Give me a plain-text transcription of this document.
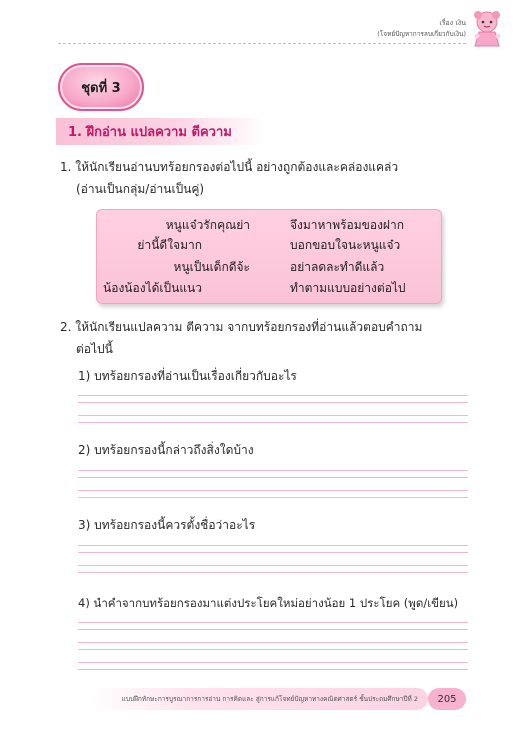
เรื่อง เงิน
(โจทย์ปัญหาการลบเกี่ยวกับเงิน)
ชุดที่ 3
1. ฝึกอ่าน แปลความ ตีความ
1. ให้นักเรียนอ่านบทร้อยกรองต่อไปนี้ อย่างถูกต้องและคล่องแคล่ว
(อ่านเป็นกลุ่ม/อ่านเป็นคู่)
หนูแจ๋วรักคุณย่า
ย่านี้ดีใจมาก
หนูเป็นเด็กดีจ้ะ
น้องน้องได้เป็นแนว
จึงมาหาพร้อมของฝาก
บอกขอบใจนะหนูแจ๋ว
อย่าลดละทำดีแล้ว
ทำตามแบบอย่างต่อไป
2. ให้นักเรียนแปลความ ตีความ จากบทร้อยกรองที่อ่านแล้วตอบคำถาม
ต่อไปนี้
1) บทร้อยกรองที่อ่านเป็นเรื่องเกี่ยวกับอะไร
2) บทร้อยกรองนี้กล่าวถึงสิ่งใดบ้าง
3) บทร้อยกรองนี้ควรตั้งชื่อว่าอะไร
4) นำคำจากบทร้อยกรองมาแต่งประโยคใหม่อย่างน้อย 1 ประโยค (พูด/เขียน)
แบบฝึกทักษะการบูรณาการการอ่าน การคิดและ สู่การแก้โจทย์ปัญหาทางคณิตศาสตร์ ชั้นประถมศึกษาปีที่ 2	205
